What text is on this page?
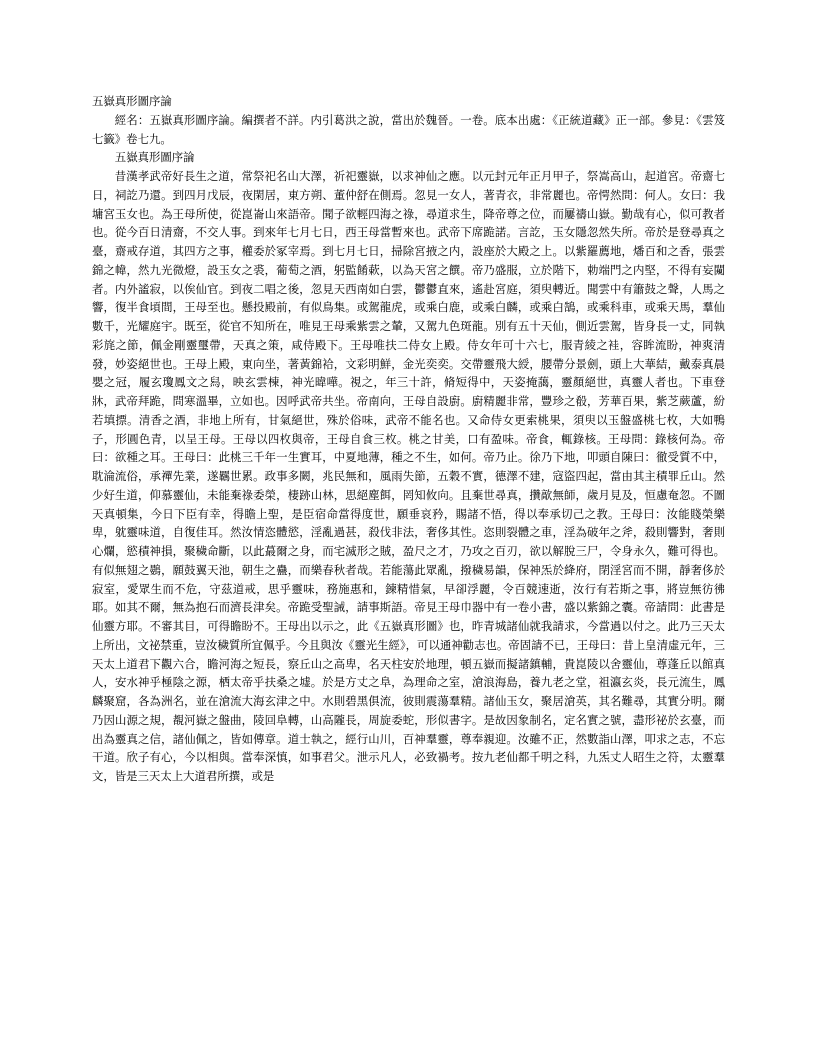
五嶽真形圖序論
經名：五嶽真形圖序論。編撰者不詳。内引葛洪之說，當出於魏晉。一卷。底本出處：《正統道藏》正一部。參見：《雲笈七籤》卷七九。
五嶽真形圖序論
昔漢孝武帝好長生之道，常祭祀名山大澤，祈祀靈嶽，以求神仙之應。以元封元年正月甲子，祭嵩高山，起道宮。帝齋七日，祠訖乃還。到四月戊辰，夜閑居，東方朔、董仲舒在側焉。忽見一女人，著青衣，非常麗也。帝愕然問：何人。女曰：我墉宮玉女也。為王母所使，從崑崙山來語帝。聞子欲輕四海之祿，尋道求生，降帝尊之位，而屢禱山嶽。勤哉有心，似可教者也。從今百日清齋，不交人事。到來年七月七日，西王母當暫來也。武帝下席跪諾。言訖，玉女隱忽然失所。帝於是登尋真之臺，齋戒存道，其四方之事，權委於冢宰焉。到七月七日，掃除宮掖之内，設座於大殿之上。以紫羅薦地，燔百和之香，張雲錦之幃，然九光微燈，設玉女之裘，葡萄之酒，躬監餚蔌，以為天宮之饌。帝乃盛服，立於階下，勅端門之内堅，不得有妄闚者。内外謐寂，以俟仙官。到夜二唱之後，忽見天西南如白雲，鬱鬱直來，遙赴宮庭，須臾轉近。聞雲中有簫鼓之聲，人馬之響，復半食頃間，王母至也。懸投殿前，有似鳥集。或駕龍虎，或乘白鹿，或乘白麟，或乘白鵠，或乘科車，或乘天馬，羣仙數千，光耀庭宇。既至，從官不知所在，唯見王母乘紫雲之輦，又駕九色斑龍。別有五十天仙，側近雲駕，皆身長一丈，同執彩旄之節，佩金剛靈璽帶，天真之策，咸侍殿下。王母唯扶二侍女上殿。侍女年可十六七，服青綾之袿，容眸流盼，神爽清發，妙姿絕世也。王母上殿，東向坐，著黃錦袷，文彩明鮮，金光奕奕。交帶靈飛大綬，腰帶分景劍，頭上大華結，戴泰真晨嬰之冠，履玄瓊鳳文之舄，映玄雲棟，神光暐嘩。視之，年三十許，脩短得中，天姿掩藹，靈顏絕世，真靈人者也。下車登牀，武帝拜跪，問寒溫畢，立如也。因呼武帝共坐。帝南向，王母自設廚。廚精麗非常，豐珍之殽，芳華百果，紫芝蕨蘆，紛若填摽。清香之酒，非地上所有，甘氣絕世，殊於俗味，武帝不能名也。又命侍女更索桃果，須臾以玉盤盛桃七枚，大如鴨子，形圓色青，以呈王母。王母以四枚與帝，王母自食三枚。桃之甘美，口有盈味。帝食，輒錄核。王母問：錄核何為。帝曰：欲種之耳。王母曰：此桃三千年一生實耳，中夏地薄，種之不生，如何。帝乃止。徐乃下地，叩頭自陳曰：徹受質不中，耽淪流俗，承襌先業，遂羈世累。政事多闕，兆民無和，風雨失節，五穀不實，德澤不建，寇盜四起，當由其主積罪丘山。然少好生道，仰慕靈仙，未能棄祿委榮，棲跡山林，思絕塵餌，罔知攸向。且棄世尋真，攢歊無師，歲月見及，恒慮奄忽。不圖天真頓集，今日下臣有幸，得瞻上聖，是臣宿命當得度世，願垂哀矜，賜諸不悟，得以奉承切己之教。王母曰：汝能賤榮樂卑，躭靈味道，自復佳耳。然汝情恣體慾，淫亂過甚，殺伐非法，奢侈其性。恣則裂體之車，淫為破年之斧，殺則響對，奢則心爛，慾積神損，聚穢命斷，以此蕞爾之身，而宅滅形之賊，盈尺之才，乃攻之百刃，欲以解脫三尸，令身永久，難可得也。有似無翅之鷃，願鼓翼天池，朝生之蠱，而樂春秋者哉。若能蕩此眾亂，撥穢易韻，保神炁於絳府，閉淫宮而不開，靜奢侈於寂室，愛眾生而不危，守茲道戒，思乎靈味，務施惠和，鍊精惜氣，早卻浮麗，令百競速逝，汝行有若斯之事，將豈無彷彿耶。如其不爾，無為抱石而濟長津矣。帝跪受聖誡，請事斯語。帝見王母巾器中有一卷小書，盛以紫錦之囊。帝請問：此書是仙靈方耶。不審其目，可得瞻盼不。王母出以示之，此《五嶽真形圖》也，昨青城諸仙就我請求，今當過以付之。此乃三天太上所出，文祕禁重，豈汝穢質所宜佩乎。今且與汝《靈光生經》，可以通神勸志也。帝固請不已，王母曰：昔上皇清虛元年，三天太上道君下觀六合，瞻河海之短長，察丘山之高卑，名天柱安於地理，頓五嶽而擬諸鎮輔，貴崑陵以舍靈仙，尊蓬丘以館真人，安水神乎極陰之源，栖太帝乎扶桑之墟。於是方丈之阜，為理命之室，滄浪海島，養九老之堂，祖瀛玄炎，長元流生，鳳麟聚窟，各為洲名，並在滄流大海玄津之中。水則碧黑俱流，彼則震蕩羣精。諸仙玉女，聚居滄英，其名難尋，其實分明。爾乃因山源之規，覩河嶽之盤曲，陵回阜轉，山高隴長，周旋委蛇，形似書字。是故因象制名，定名實之號，盡形祕於玄臺，而出為靈真之信，諸仙佩之，皆如傳章。道士執之，經行山川，百神羣靈，尊奉親迎。汝雖不正，然數詣山澤，叩求之志，不忘干道。欣子有心，今以相與。當奉深慎，如事君父。泄示凡人，必致禍考。按九老仙都千明之科，九炁丈人昭生之符，太靈羣文，皆是三天太上大道君所撰，或是
